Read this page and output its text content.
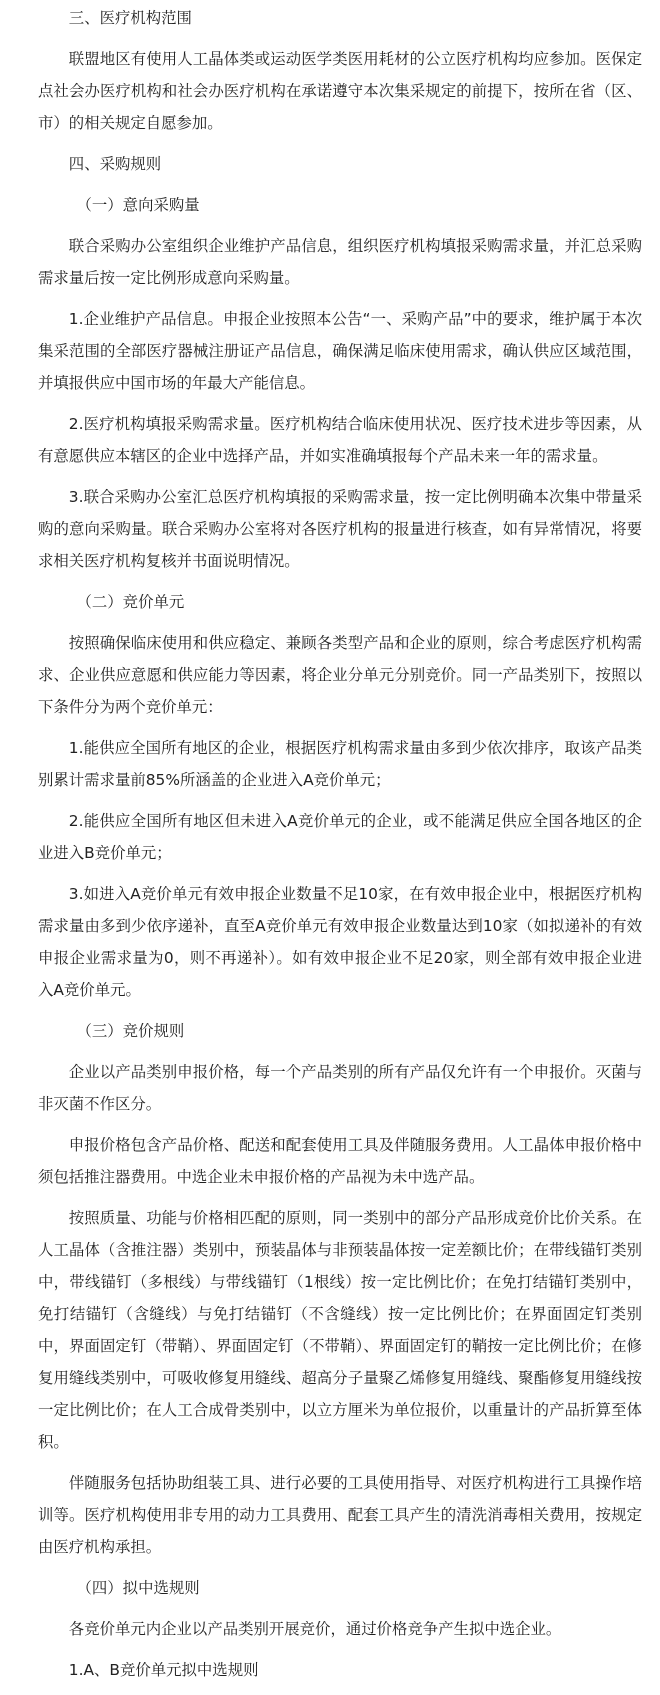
三、医疗机构范围
联盟地区有使用人工晶体类或运动医学类医用耗材的公立医疗机构均应参加。医保定点社会办医疗机构和社会办医疗机构在承诺遵守本次集采规定的前提下，按所在省（区、市）的相关规定自愿参加。
四、采购规则
（一）意向采购量
联合采购办公室组织企业维护产品信息，组织医疗机构填报采购需求量，并汇总采购需求量后按一定比例形成意向采购量。
1.企业维护产品信息。申报企业按照本公告“一、采购产品”中的要求，维护属于本次集采范围的全部医疗器械注册证产品信息，确保满足临床使用需求，确认供应区域范围，并填报供应中国市场的年最大产能信息。
2.医疗机构填报采购需求量。医疗机构结合临床使用状况、医疗技术进步等因素，从有意愿供应本辖区的企业中选择产品，并如实准确填报每个产品未来一年的需求量。
3.联合采购办公室汇总医疗机构填报的采购需求量，按一定比例明确本次集中带量采购的意向采购量。联合采购办公室将对各医疗机构的报量进行核查，如有异常情况，将要求相关医疗机构复核并书面说明情况。
（二）竞价单元
按照确保临床使用和供应稳定、兼顾各类型产品和企业的原则，综合考虑医疗机构需求、企业供应意愿和供应能力等因素，将企业分单元分别竞价。同一产品类别下，按照以下条件分为两个竞价单元：
1.能供应全国所有地区的企业，根据医疗机构需求量由多到少依次排序，取该产品类别累计需求量前85%所涵盖的企业进入A竞价单元；
2.能供应全国所有地区但未进入A竞价单元的企业，或不能满足供应全国各地区的企业进入B竞价单元；
3.如进入A竞价单元有效申报企业数量不足10家，在有效申报企业中，根据医疗机构需求量由多到少依序递补，直至A竞价单元有效申报企业数量达到10家（如拟递补的有效申报企业需求量为0，则不再递补）。如有效申报企业不足20家，则全部有效申报企业进入A竞价单元。
（三）竞价规则
企业以产品类别申报价格，每一个产品类别的所有产品仅允许有一个申报价。灭菌与非灭菌不作区分。
申报价格包含产品价格、配送和配套使用工具及伴随服务费用。人工晶体申报价格中须包括推注器费用。中选企业未申报价格的产品视为未中选产品。
按照质量、功能与价格相匹配的原则，同一类别中的部分产品形成竞价比价关系。在人工晶体（含推注器）类别中，预装晶体与非预装晶体按一定差额比价；在带线锚钉类别中，带线锚钉（多根线）与带线锚钉（1根线）按一定比例比价；在免打结锚钉类别中，免打结锚钉（含缝线）与免打结锚钉（不含缝线）按一定比例比价；在界面固定钉类别中，界面固定钉（带鞘）、界面固定钉（不带鞘）、界面固定钉的鞘按一定比例比价；在修复用缝线类别中，可吸收修复用缝线、超高分子量聚乙烯修复用缝线、聚酯修复用缝线按一定比例比价；在人工合成骨类别中，以立方厘米为单位报价，以重量计的产品折算至体积。
伴随服务包括协助组装工具、进行必要的工具使用指导、对医疗机构进行工具操作培训等。医疗机构使用非专用的动力工具费用、配套工具产生的清洗消毒相关费用，按规定由医疗机构承担。
（四）拟中选规则
各竞价单元内企业以产品类别开展竞价，通过价格竞争产生拟中选企业。
1.A、B竞价单元拟中选规则
